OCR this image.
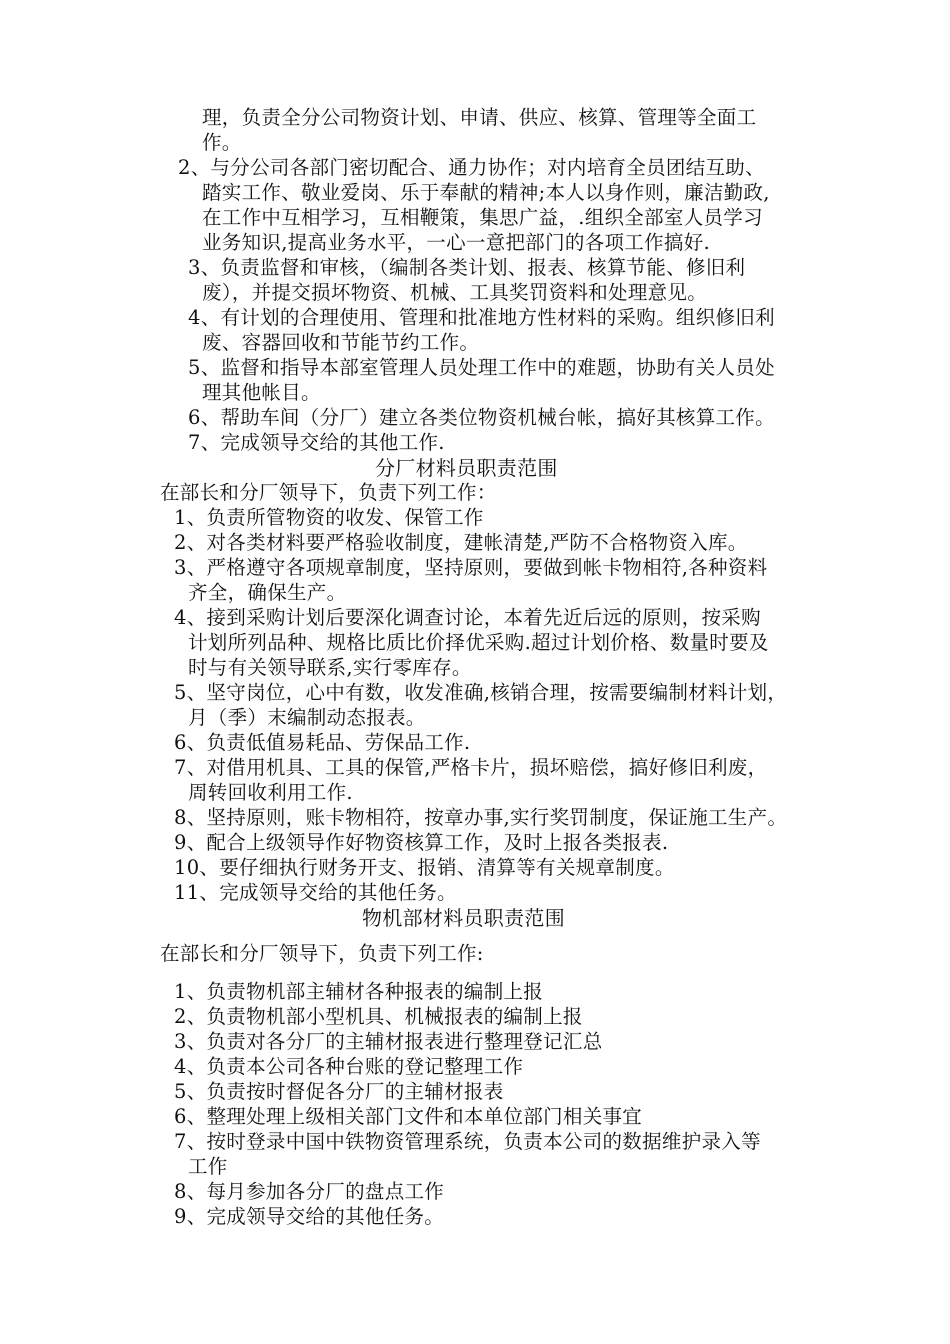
理，负责全分公司物资计划、申请、供应、核算、管理等全面工
作。
2、与分公司各部门密切配合、通力协作；对内培育全员团结互助、
踏实工作、敬业爱岗、乐于奉献的精神;本人以身作则，廉洁勤政,
在工作中互相学习，互相鞭策，集思广益，.组织全部室人员学习
业务知识,提高业务水平，一心一意把部门的各项工作搞好.
3、负责监督和审核，（编制各类计划、报表、核算节能、修旧利
废），并提交损坏物资、机械、工具奖罚资料和处理意见。
4、有计划的合理使用、管理和批准地方性材料的采购。组织修旧利
废、容器回收和节能节约工作。
5、监督和指导本部室管理人员处理工作中的难题，协助有关人员处
理其他帐目。
6、帮助车间（分厂）建立各类位物资机械台帐，搞好其核算工作。
7、完成领导交给的其他工作.
分厂材料员职责范围
在部长和分厂领导下，负责下列工作：
1、负责所管物资的收发、保管工作
2、对各类材料要严格验收制度，建帐清楚,严防不合格物资入库。
3、严格遵守各项规章制度，坚持原则，要做到帐卡物相符,各种资料
齐全，确保生产。
4、接到采购计划后要深化调查讨论，本着先近后远的原则，按采购
计划所列品种、规格比质比价择优采购.超过计划价格、数量时要及
时与有关领导联系,实行零库存。
5、坚守岗位，心中有数，收发准确,核销合理，按需要编制材料计划，
月（季）末编制动态报表。
6、负责低值易耗品、劳保品工作.
7、对借用机具、工具的保管,严格卡片，损坏赔偿，搞好修旧利废，
周转回收利用工作.
8、坚持原则，账卡物相符，按章办事,实行奖罚制度，保证施工生产。
9、配合上级领导作好物资核算工作，及时上报各类报表.
10、要仔细执行财务开支、报销、清算等有关规章制度。
11、完成领导交给的其他任务。
物机部材料员职责范围
在部长和分厂领导下，负责下列工作:
1、负责物机部主辅材各种报表的编制上报
2、负责物机部小型机具、机械报表的编制上报
3、负责对各分厂的主辅材报表进行整理登记汇总
4、负责本公司各种台账的登记整理工作
5、负责按时督促各分厂的主辅材报表
6、整理处理上级相关部门文件和本单位部门相关事宜
7、按时登录中国中铁物资管理系统，负责本公司的数据维护录入等
工作
8、每月参加各分厂的盘点工作
9、完成领导交给的其他任务。
